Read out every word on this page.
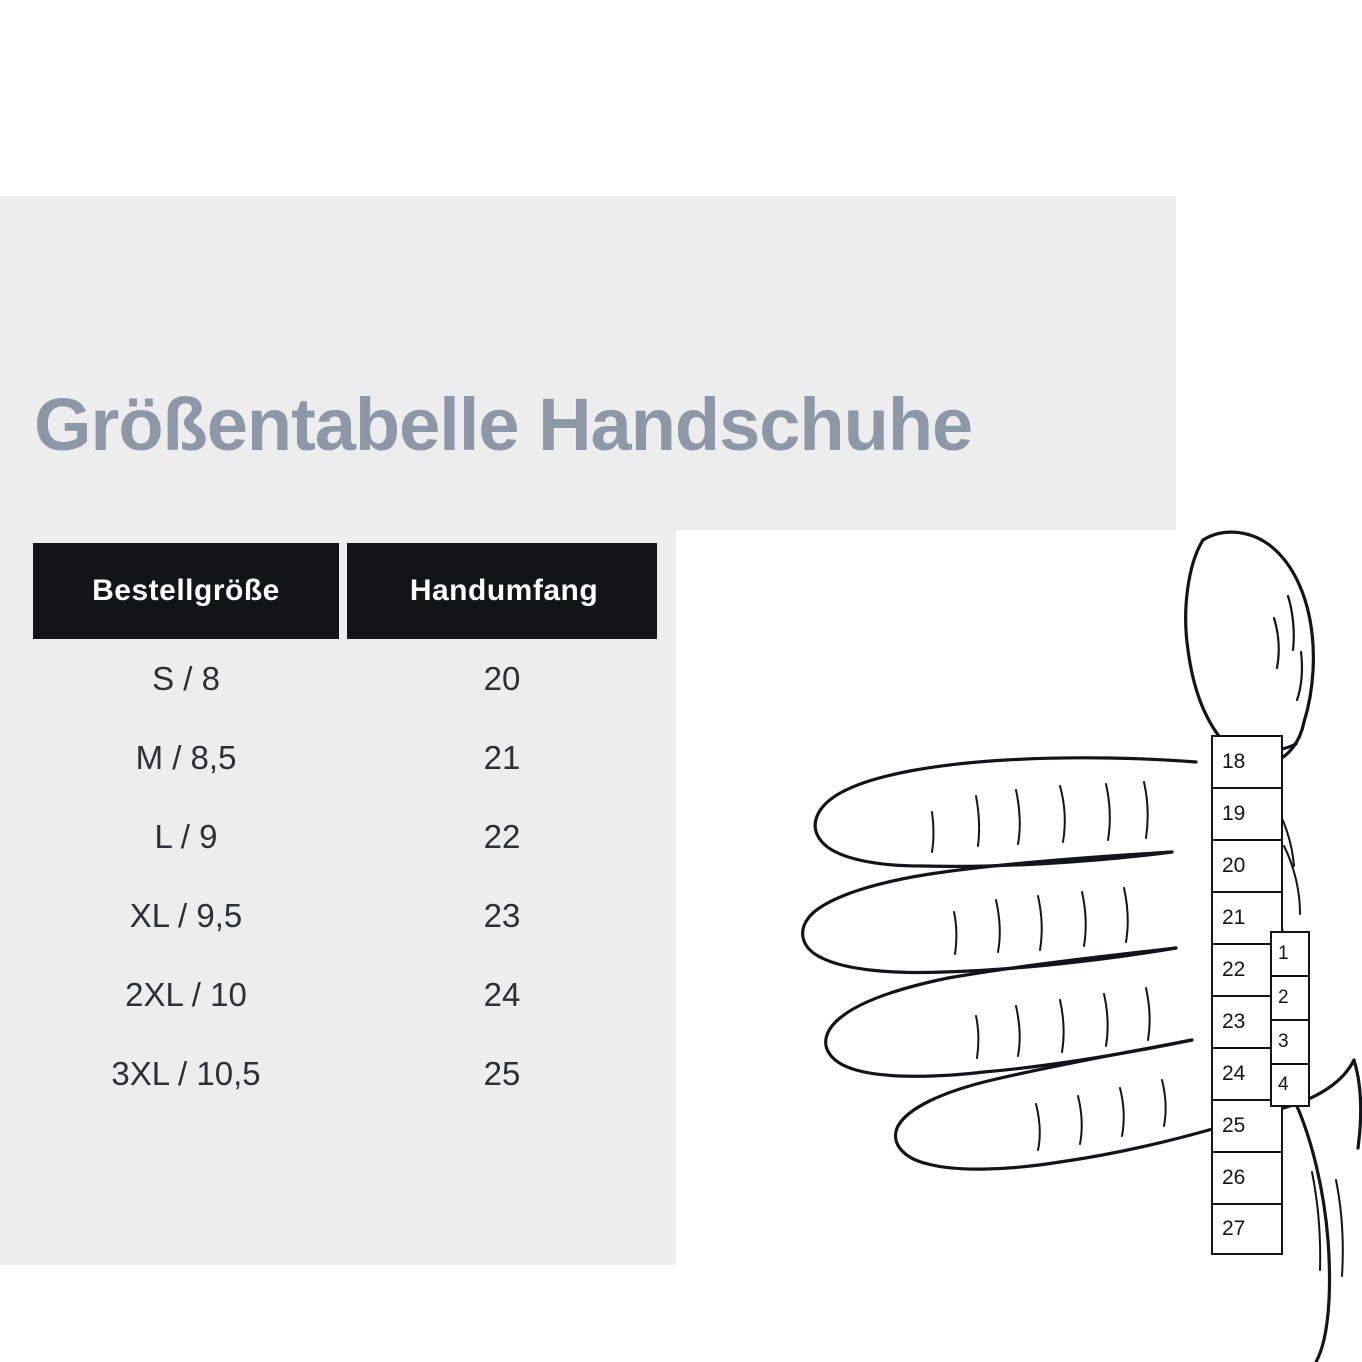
Größentabelle Handschuhe
Bestellgröße		Handumfang
S / 8		20
M / 8,5		21
L / 9		22
XL / 9,5		23
2XL / 10		24
3XL / 10,5		25
18
19
20
21
22
23
24
25
26
27
1
2
3
4
